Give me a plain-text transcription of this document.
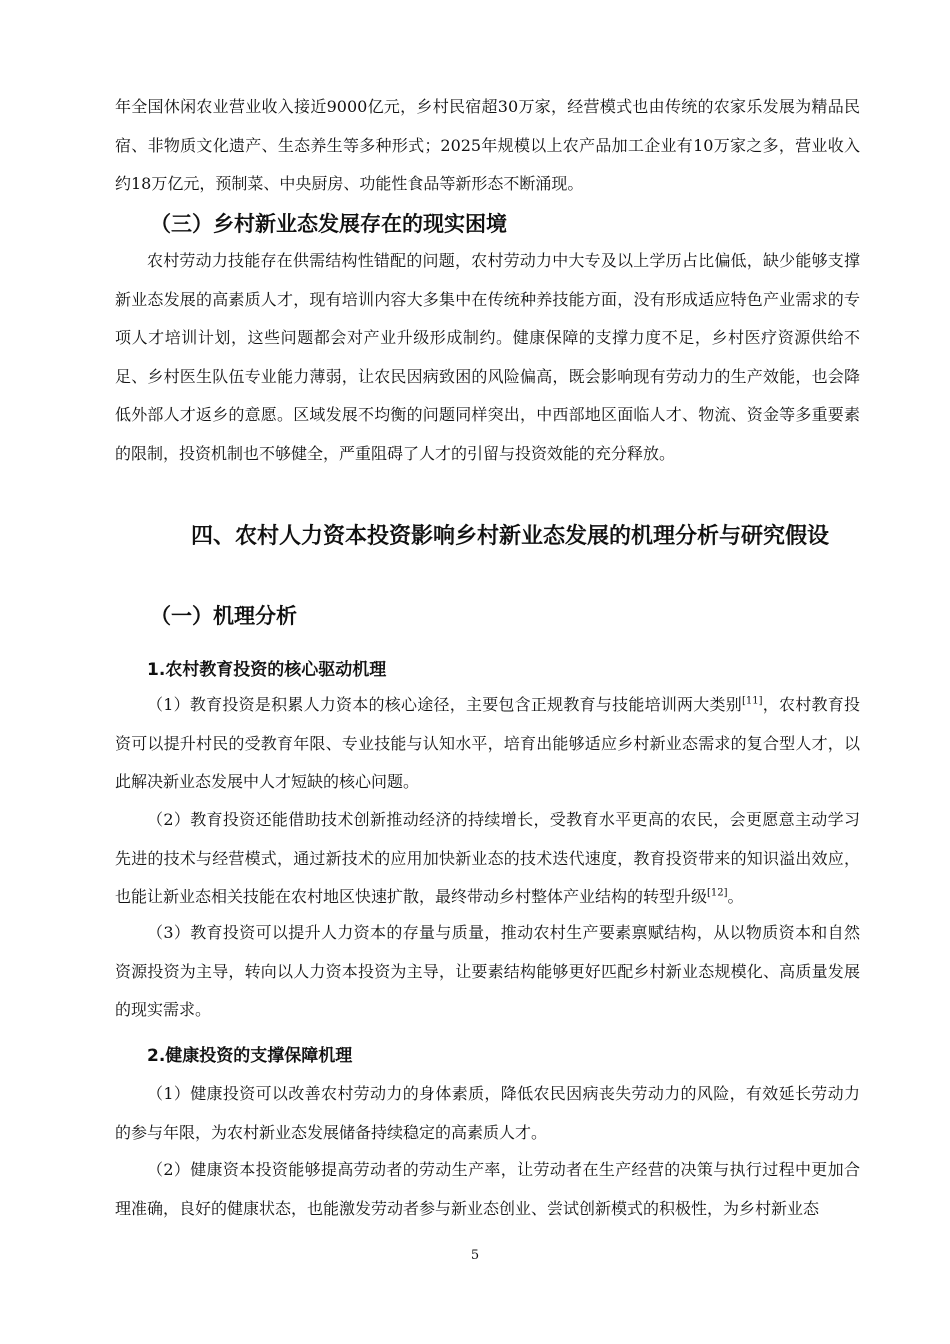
年全国休闲农业营业收入接近9000亿元，乡村民宿超30万家，经营模式也由传统的农家乐发展为精品民宿、非物质文化遗产、生态养生等多种形式；2025年规模以上农产品加工企业有10万家之多，营业收入约18万亿元，预制菜、中央厨房、功能性食品等新形态不断涌现。

（三）乡村新业态发展存在的现实困境

农村劳动力技能存在供需结构性错配的问题，农村劳动力中大专及以上学历占比偏低，缺少能够支撑新业态发展的高素质人才，现有培训内容大多集中在传统种养技能方面，没有形成适应特色产业需求的专项人才培训计划，这些问题都会对产业升级形成制约。健康保障的支撑力度不足，乡村医疗资源供给不足、乡村医生队伍专业能力薄弱，让农民因病致困的风险偏高，既会影响现有劳动力的生产效能，也会降低外部人才返乡的意愿。区域发展不均衡的问题同样突出，中西部地区面临人才、物流、资金等多重要素的限制，投资机制也不够健全，严重阻碍了人才的引留与投资效能的充分释放。

四、农村人力资本投资影响乡村新业态发展的机理分析与研究假设
（一）机理分析
1.农村教育投资的核心驱动机理

（1）教育投资是积累人力资本的核心途径，主要包含正规教育与技能培训两大类别[11]，农村教育投资可以提升村民的受教育年限、专业技能与认知水平，培育出能够适应乡村新业态需求的复合型人才，以此解决新业态发展中人才短缺的核心问题。

（2）教育投资还能借助技术创新推动经济的持续增长，受教育水平更高的农民，会更愿意主动学习先进的技术与经营模式，通过新技术的应用加快新业态的技术迭代速度，教育投资带来的知识溢出效应，也能让新业态相关技能在农村地区快速扩散，最终带动乡村整体产业结构的转型升级[12]。

（3）教育投资可以提升人力资本的存量与质量，推动农村生产要素禀赋结构，从以物质资本和自然资源投资为主导，转向以人力资本投资为主导，让要素结构能够更好匹配乡村新业态规模化、高质量发展的现实需求。

2.健康投资的支撑保障机理

（1）健康投资可以改善农村劳动力的身体素质，降低农民因病丧失劳动力的风险，有效延长劳动力的参与年限，为农村新业态发展储备持续稳定的高素质人才。

（2）健康资本投资能够提高劳动者的劳动生产率，让劳动者在生产经营的决策与执行过程中更加合理准确，良好的健康状态，也能激发劳动者参与新业态创业、尝试创新模式的积极性，为乡村新业态

5
